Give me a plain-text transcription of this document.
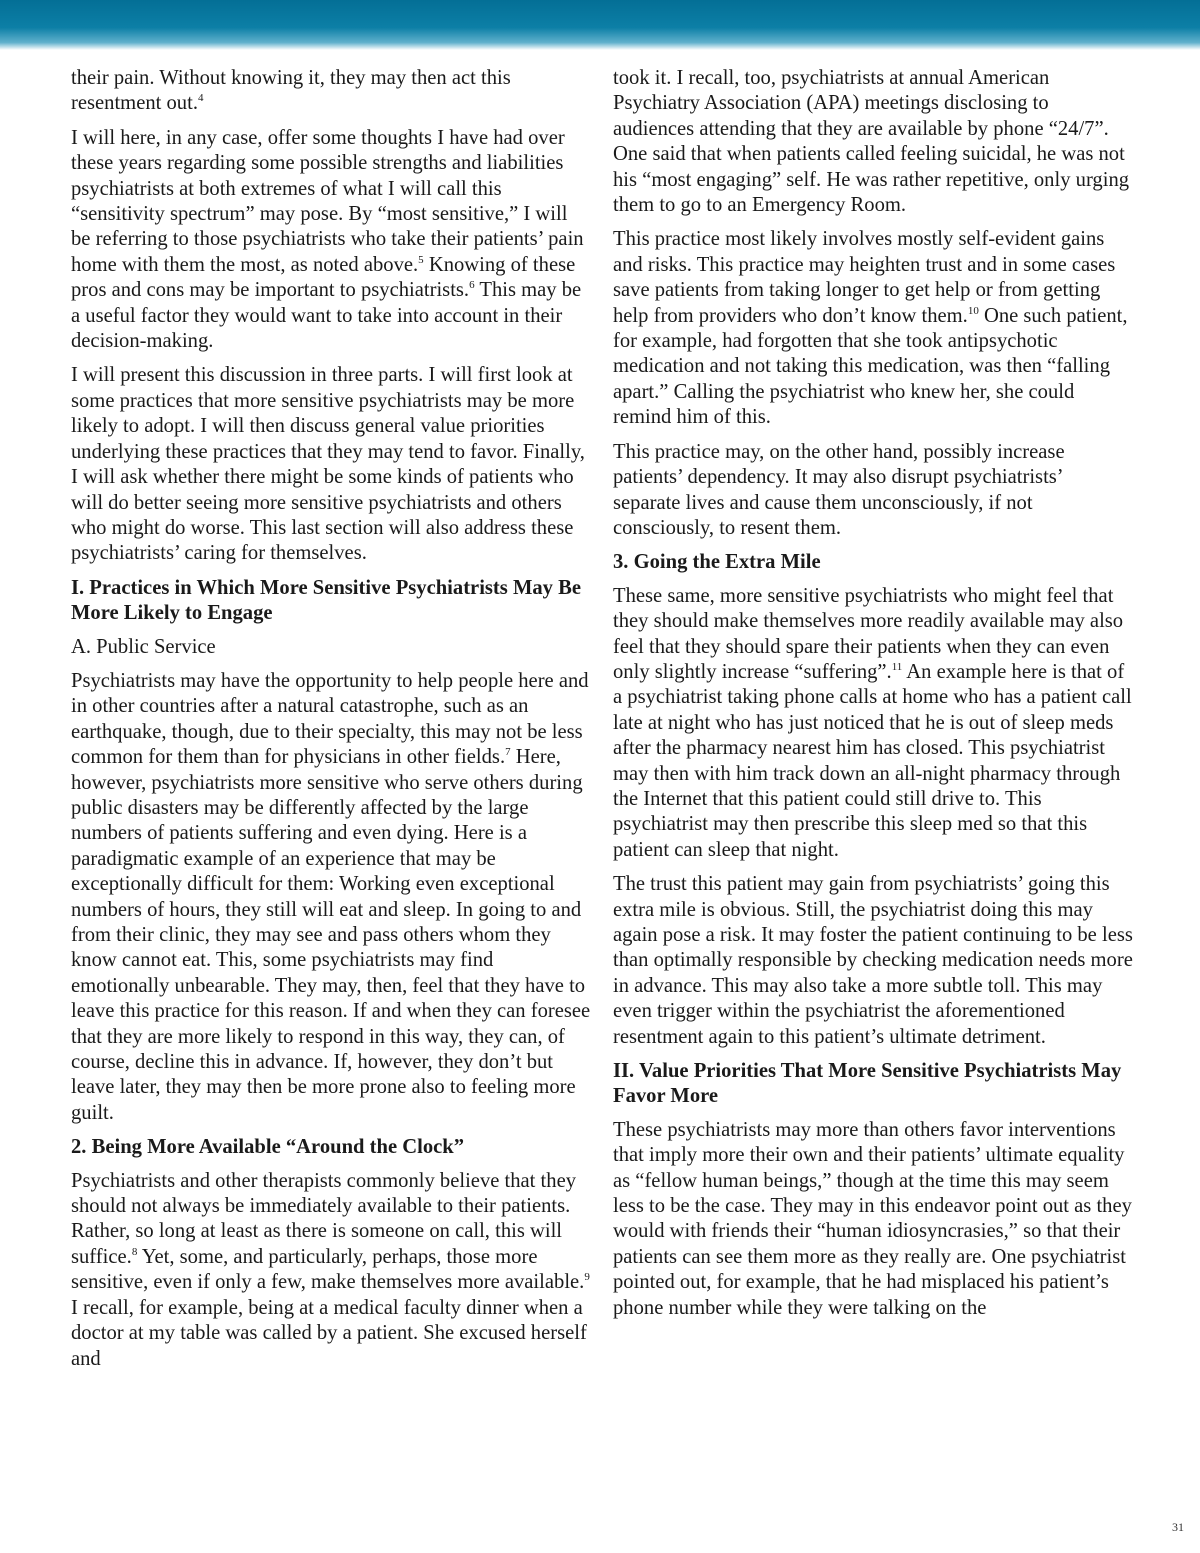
their pain. Without knowing it, they may then act this resentment out.$^4$

I will here, in any case, offer some thoughts I have had over these years regarding some possible strengths and liabilities psychiatrists at both extremes of what I will call this “sensitivity spectrum” may pose. By “most sensitive,” I will be referring to those psychiatrists who take their patients’ pain home with them the most, as noted above.$^5$ Knowing of these pros and cons may be important to psychiatrists.$^6$ This may be a useful factor they would want to take into account in their decision-making.

I will present this discussion in three parts. I will first look at some practices that more sensitive psychiatrists may be more likely to adopt. I will then discuss general value priorities underlying these practices that they may tend to favor. Finally, I will ask whether there might be some kinds of patients who will do better seeing more sensitive psychiatrists and others who might do worse. This last section will also address these psychiatrists’ caring for themselves.

I. Practices in Which More Sensitive Psychiatrists May Be More Likely to Engage

A. Public Service

Psychiatrists may have the opportunity to help people here and in other countries after a natural catastrophe, such as an earthquake, though, due to their specialty, this may not be less common for them than for physicians in other fields.$^7$ Here, however, psychiatrists more sensitive who serve others during public disasters may be differently affected by the large numbers of patients suffering and even dying. Here is a paradigmatic example of an experience that may be exceptionally difficult for them: Working even exceptional numbers of hours, they still will eat and sleep. In going to and from their clinic, they may see and pass others whom they know cannot eat. This, some psychiatrists may find emotionally unbearable. They may, then, feel that they have to leave this practice for this reason. If and when they can foresee that they are more likely to respond in this way, they can, of course, decline this in advance. If, however, they don’t but leave later, they may then be more prone also to feeling more guilt.

2. Being More Available “Around the Clock”

Psychiatrists and other therapists commonly believe that they should not always be immediately available to their patients. Rather, so long at least as there is someone on call, this will suffice.$^8$ Yet, some, and particularly, perhaps, those more sensitive, even if only a few, make themselves more available.$^9$ I recall, for example, being at a medical faculty dinner when a doctor at my table was called by a patient. She excused herself and

took it. I recall, too, psychiatrists at annual American Psychiatry Association (APA) meetings disclosing to audiences attending that they are available by phone “24/7”. One said that when patients called feeling suicidal, he was not his “most engaging” self. He was rather repetitive, only urging them to go to an Emergency Room.

This practice most likely involves mostly self-evident gains and risks. This practice may heighten trust and in some cases save patients from taking longer to get help or from getting help from providers who don’t know them.$^{10}$ One such patient, for example, had forgotten that she took antipsychotic medication and not taking this medication, was then “falling apart.” Calling the psychiatrist who knew her, she could remind him of this.

This practice may, on the other hand, possibly increase patients’ dependency. It may also disrupt psychiatrists’ separate lives and cause them unconsciously, if not consciously, to resent them.

3. Going the Extra Mile

These same, more sensitive psychiatrists who might feel that they should make themselves more readily available may also feel that they should spare their patients when they can even only slightly increase “suffering”.$^{11}$ An example here is that of a psychiatrist taking phone calls at home who has a patient call late at night who has just noticed that he is out of sleep meds after the pharmacy nearest him has closed. This psychiatrist may then with him track down an all-night pharmacy through the Internet that this patient could still drive to. This psychiatrist may then prescribe this sleep med so that this patient can sleep that night.

The trust this patient may gain from psychiatrists’ going this extra mile is obvious. Still, the psychiatrist doing this may again pose a risk. It may foster the patient continuing to be less than optimally responsible by checking medication needs more in advance. This may also take a more subtle toll. This may even trigger within the psychiatrist the aforementioned resentment again to this patient’s ultimate detriment.

II. Value Priorities That More Sensitive Psychiatrists May Favor More

These psychiatrists may more than others favor interventions that imply more their own and their patients’ ultimate equality as “fellow human beings,” though at the time this may seem less to be the case. They may in this endeavor point out as they would with friends their “human idiosyncrasies,” so that their patients can see them more as they really are. One psychiatrist pointed out, for example, that he had misplaced his patient’s phone number while they were talking on the

31
